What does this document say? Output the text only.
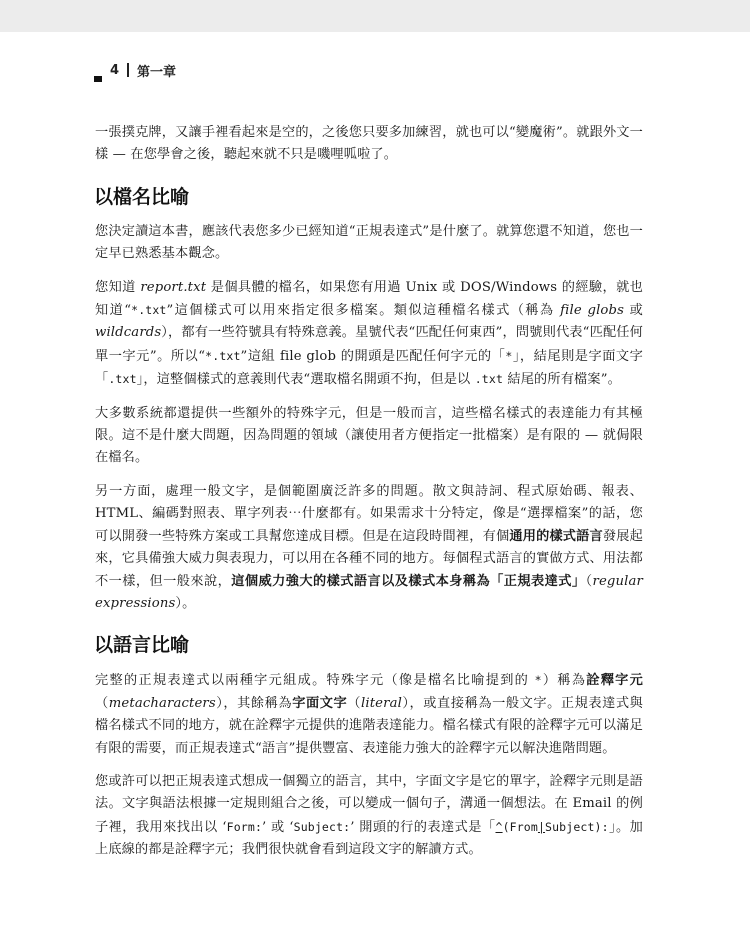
4 第一章

一張撲克牌，又讓手裡看起來是空的，之後您只要多加練習，就也可以“變魔術”。就跟外文一樣 — 在您學會之後，聽起來就不只是嘰哩呱啦了。

以檔名比喻

您決定讀這本書，應該代表您多少已經知道“正規表達式”是什麼了。就算您還不知道，您也一定早已熟悉基本觀念。

您知道 report.txt 是個具體的檔名，如果您有用過 Unix 或 DOS/Windows 的經驗，就也知道“*.txt”這個樣式可以用來指定很多檔案。類似這種檔名樣式（稱為 file globs 或 wildcards），都有一些符號具有特殊意義。星號代表“匹配任何東西”，問號則代表“匹配任何單一字元”。所以“*.txt”這組 file glob 的開頭是匹配任何字元的「*」，結尾則是字面文字「.txt」，這整個樣式的意義則代表“選取檔名開頭不拘，但是以 .txt 結尾的所有檔案”。

大多數系統都還提供一些額外的特殊字元，但是一般而言，這些檔名樣式的表達能力有其極限。這不是什麼大問題，因為問題的領域（讓使用者方便指定一批檔案）是有限的 — 就侷限在檔名。

另一方面，處理一般文字，是個範圍廣泛許多的問題。散文與詩詞、程式原始碼、報表、HTML、編碼對照表、單字列表⋯什麼都有。如果需求十分特定，像是“選擇檔案”的話，您可以開發一些特殊方案或工具幫您達成目標。但是在這段時間裡，有個通用的樣式語言發展起來，它具備強大威力與表現力，可以用在各種不同的地方。每個程式語言的實做方式、用法都不一樣，但一般來說，這個威力強大的樣式語言以及樣式本身稱為「正規表達式」（regular expressions）。

以語言比喻

完整的正規表達式以兩種字元組成。特殊字元（像是檔名比喻提到的 *）稱為詮釋字元（metacharacters），其餘稱為字面文字（literal），或直接稱為一般文字。正規表達式與檔名樣式不同的地方，就在詮釋字元提供的進階表達能力。檔名樣式有限的詮釋字元可以滿足有限的需要，而正規表達式“語言”提供豐富、表達能力強大的詮釋字元以解決進階問題。

您或許可以把正規表達式想成一個獨立的語言，其中，字面文字是它的單字，詮釋字元則是語法。文字與語法根據一定規則組合之後，可以變成一個句子，溝通一個想法。在 Email 的例子裡，我用來找出以 ‘Form:’ 或 ‘Subject:’ 開頭的行的表達式是「^(From|Subject):」。加上底線的都是詮釋字元；我們很快就會看到這段文字的解讀方式。
